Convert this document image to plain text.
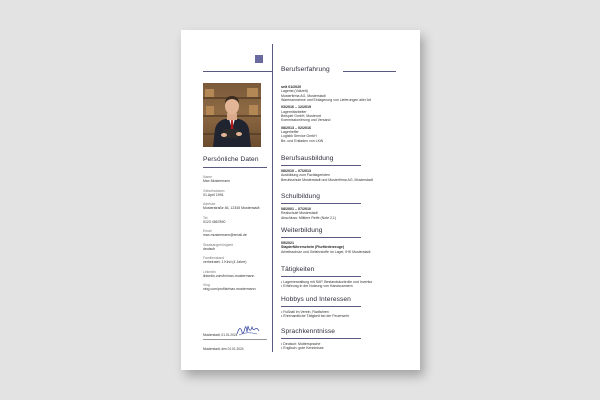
Persönliche Daten
Name
Max Mustermann
Geburtsdatum
01.April 1991
Adresse
Musterstraße 46, 12345 Musterstadt
Tel.
0123 4567890
Email
max.mustermann@email.de
Staatsangehörigkeit
deutsch
Familienstand
verheiratet, 1 Kind (4 Jahre)
LinkedIn
linkedin.com/in/max-mustermann
Xing
xing.com/profile/max.mustermann
Musterstadt, 01.01.2024
Musterstadt, den 01.01.2024
Berufserfahrung
seit 01/2020
Lagerist (Vollzeit)
Musterfirma AG, Musterstadt
Warenannahme und Einlagerung von Lieferungen aller Art
03/2016 – 12/2019
Lagermitarbeiter
Beispiel GmbH, Musterort
Kommissionierung und Versand
08/2013 – 02/2016
Lagerhelfer
Logistik Service GmbH
Be- und Entladen von LKW
Berufsausbildung
08/2010 – 07/2013
Ausbildung zum Fachlageristen
Berufsschule Musterstadt und Musterfirma AG, Musterstadt
Schulbildung
08/2001 – 07/2010
Realschule Musterstadt
Abschluss: Mittlere Reife (Note 2,1)
Weiterbildung
05/2021
Staplerführerschein (Flurförderzeuge)
Arbeitsschutz und Gefahrstoffe im Lager, IHK Musterstadt
Tätigkeiten
• Lagerverwaltung mit SAP, Bestandskontrolle und Inventur
• Erfahrung in der Nutzung von Handscannern
Hobbys und Interessen
• Fußball im Verein, Radfahren
• Ehrenamtliche Tätigkeit bei der Feuerwehr
Sprachkenntnisse
• Deutsch: Muttersprache
• Englisch: gute Kenntnisse
